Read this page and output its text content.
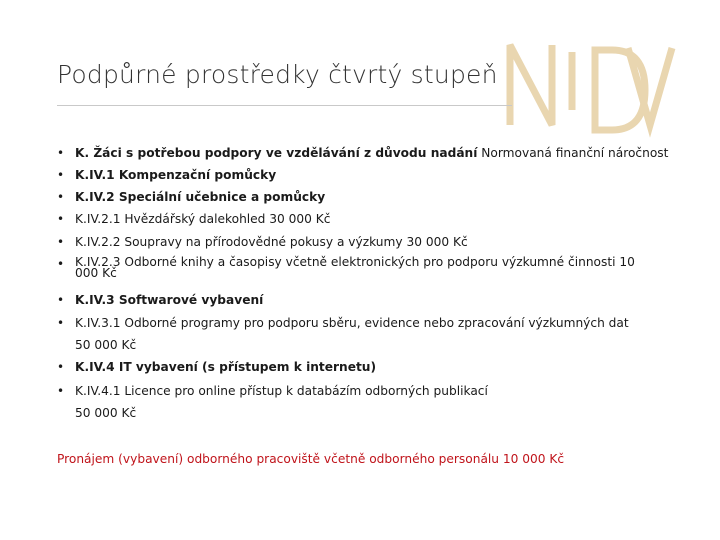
NIDV
Podpůrné prostředky čtvrtý stupeň
• K. Žáci s potřebou podpory ve vzdělávání z důvodu nadání Normovaná finanční náročnost
• K.IV.1 Kompenzační pomůcky
• K.IV.2 Speciální učebnice a pomůcky
• K.IV.2.1 Hvězdářský dalekohled 30 000 Kč
• K.IV.2.2 Soupravy na přírodovědné pokusy a výzkumy 30 000 Kč
• K.IV.2.3 Odborné knihy a časopisy včetně elektronických pro podporu výzkumné činnosti 10 000 Kč
• K.IV.3 Softwarové vybavení
• K.IV.3.1 Odborné programy pro podporu sběru, evidence nebo zpracování výzkumných dat
50 000 Kč
• K.IV.4 IT vybavení (s přístupem k internetu)
• K.IV.4.1 Licence pro online přístup k databázím odborných publikací
50 000 Kč
Pronájem (vybavení) odborného pracoviště včetně odborného personálu 10 000 Kč
